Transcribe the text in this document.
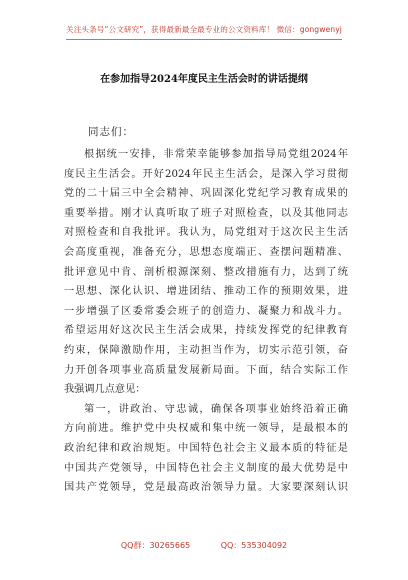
关注头条号“公文研究”，获得最新最全最专业的公文资料库！ 微信：gongwenyj
在参加指导2024年度民主生活会时的讲话提纲
同志们：
根据统一安排，非常荣幸能够参加指导局党组2024年
度民主生活会。开好2024年民主生活会，是深入学习贯彻
党的二十届三中全会精神、巩固深化党纪学习教育成果的
重要举措。刚才认真听取了班子对照检查，以及其他同志
对照检查和自我批评。我认为，局党组对于这次民主生活
会高度重视，准备充分，思想态度端正、查摆问题精准、
批评意见中肯、剖析根源深刻、整改措施有力，达到了统
一思想、深化认识、增进团结、推动工作的预期效果，进
一步增强了区委常委会班子的创造力、凝聚力和战斗力。
希望运用好这次民主生活会成果，持续发挥党的纪律教育
约束，保障激励作用，主动担当作为，切实示范引领，奋
力开创各项事业高质量发展新局面。下面，结合实际工作
我强调几点意见：
第一，讲政治、守忠诚，确保各项事业始终沿着正确
方向前进。维护党中央权威和集中统一领导，是最根本的
政治纪律和政治规矩。中国特色社会主义最本质的特征是
中国共产党领导，中国特色社会主义制度的最大优势是中
国共产党领导，党是最高政治领导力量。大家要深刻认识
QQ群：30265665	QQ：535304092
